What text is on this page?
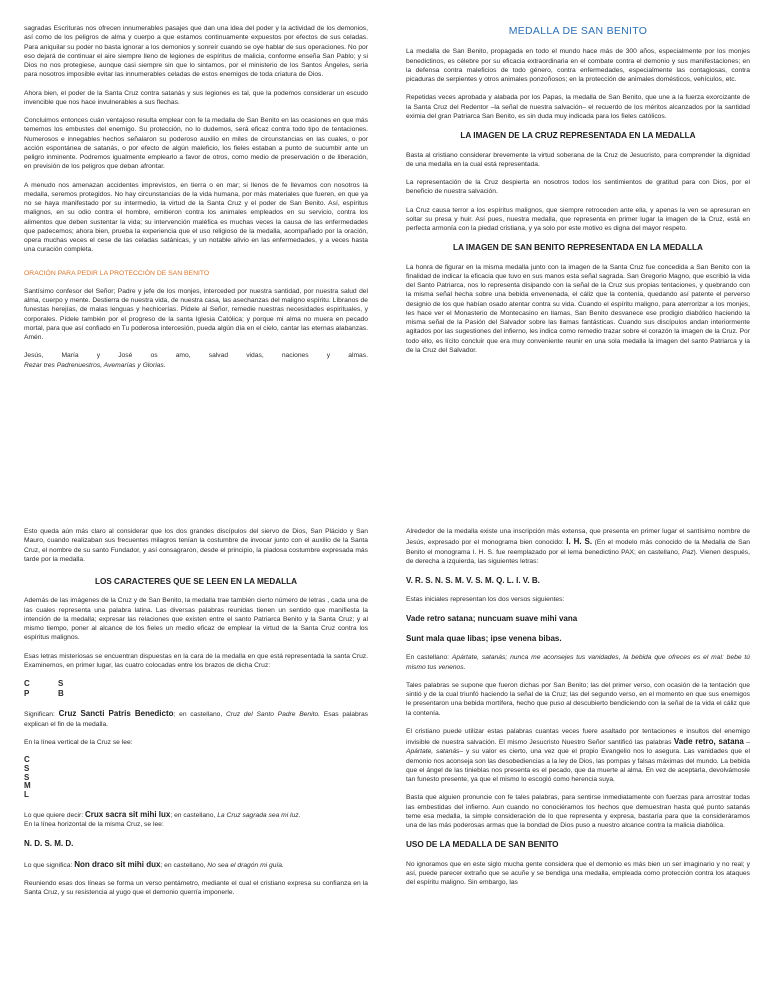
sagradas Escrituras nos ofrecen innumerables pasajes que dan una idea del poder y la actividad de los demonios, así como de los peligros de alma y cuerpo a que estamos continuamente expuestos por efectos de sus celadas. Para aniquilar su poder no basta ignorar a los demonios y sonreír cuando se oye hablar de sus operaciones. No por eso dejará de continuar el aire siempre lleno de legiones de espíritus de malicia, conforme enseña San Pablo; y si Dios no nos protegiese, aunque casi siempre sin que lo sintamos, por el ministerio de los Santos Ángeles, sería para nosotros imposible evitar las innumerables celadas de estos enemigos de toda criatura de Dios.

Ahora bien, el poder de la Santa Cruz contra satanás y sus legiones es tal, que la podemos considerar un escudo invencible que nos hace invulnerables a sus flechas.

Concluimos entonces cuán ventajoso resulta emplear con fe la medalla de San Benito en las ocasiones en que más tememos los embustes del enemigo. Su protección, no lo dudemos, será eficaz contra todo tipo de tentaciones. Numerosos e innegables hechos señalaron su poderoso auxilio en miles de circunstancias en las cuales, o por acción espontánea de satanás, o por efecto de algún maleficio, los fieles estaban a punto de sucumbir ante un peligro inminente. Podremos igualmente emplearlo a favor de otros, como medio de preservación o de liberación, en previsión de los peligros que deban afrontar.

A menudo nos amenazan accidentes imprevistos, en tierra o en mar; si llenos de fe llevamos con nosotros la medalla, seremos protegidos. No hay circunstancias de la vida humana, por más materiales que fueren, en que ya no se haya manifestado por su intermedio, la virtud de la Santa Cruz y el poder de San Benito. Así, espíritus malignos, en su odio contra el hombre, emitieron contra los animales empleados en su servicio, contra los alimentos que deben sustentar la vida; su intervención maléfica es muchas veces la causa de las enfermedades que padecemos; ahora bien, prueba la experiencia que el uso religioso de la medalla, acompañado por la oración, opera muchas veces el cese de las celadas satánicas, y un notable alivio en las enfermedades, y a veces hasta una curación completa.

ORACIÓN PARA PEDIR LA PROTECCIÓN DE SAN BENITO

Santísimo confesor del Señor; Padre y jefe de los monjes, interceded por nuestra santidad, por nuestra salud del alma, cuerpo y mente. Destierra de nuestra vida, de nuestra casa, las asechanzas del maligno espíritu. Líbranos de funestas herejías, de malas lenguas y hechicerías. Pídele al Señor, remedie nuestras necesidades espirituales, y corporales. Pídele también por el progreso de la santa Iglesia Católica; y porque mi alma no muera en pecado mortal, para que así confiado en Tu poderosa intercesión, pueda algún día en el cielo, cantar las eternas alabanzas. Amén.

Jesús,	María	y	José	os	amo,	salvad	vidas,	naciones	y	almas.

Rezar tres Padrenuestros, Avemarías y Glorias.

MEDALLA DE SAN BENITO

La medalla de San Benito, propagada en todo el mundo hace más de 300 años, especialmente por los monjes benedictinos, es célebre por su eficacia extraordinaria en el combate contra el demonio y sus manifestaciones; en la defensa contra maleficios de todo género, contra enfermedades, especialmente las contagiosas, contra picaduras de serpientes y otros animales ponzoñosos; en la protección de animales domésticos, vehículos, etc.

Repetidas veces aprobada y alabada por los Papas, la medalla de San Benito, que une a la fuerza exorcizante de la Santa Cruz del Redentor –la señal de nuestra salvación– el recuerdo de los méritos alcanzados por la santidad eximia del gran Patriarca San Benito, es sin duda muy indicada para los fieles católicos.

LA IMAGEN DE LA CRUZ REPRESENTADA EN LA MEDALLA

Basta al cristiano considerar brevemente la virtud soberana de la Cruz de Jesucristo, para comprender la dignidad de una medalla en la cual está representada.

La representación de la Cruz despierta en nosotros todos los sentimientos de gratitud para con Dios, por el beneficio de nuestra salvación.

La Cruz causa terror a los espíritus malignos, que siempre retroceden ante ella, y apenas la ven se apresuran en soltar su presa y huir. Así pues, nuestra medalla, que representa en primer lugar la imagen de la Cruz, está en perfecta armonía con la piedad cristiana, y ya solo por este motivo es digna del mayor respeto.

LA IMAGEN DE SAN BENITO REPRESENTADA EN LA MEDALLA

La honra de figurar en la misma medalla junto con la imagen de la Santa Cruz fue concedida a San Benito con la finalidad de indicar la eficacia que tuvo en sus manos esta señal sagrada. San Gregorio Magno, que escribió la vida del Santo Patriarca, nos lo representa disipando con la señal de la Cruz sus propias tentaciones, y quebrando con la misma señal hecha sobre una bebida envenenada, el cáliz que la contenía, quedando así patente el perverso designio de los que habían osado atentar contra su vida. Cuando el espíritu maligno, para aterrorizar a los monjes, les hace ver el Monasterio de Montecasino en llamas, San Benito desvanece ese prodigio diabólico haciendo la misma señal de la Pasión del Salvador sobre las llamas fantásticas. Cuando sus discípulos andan interiormente agitados por las sugestiones del infierno, les indica como remedio trazar sobre el corazón la imagen de la Cruz. Por todo ello, es lícito concluir que era muy conveniente reunir en una sola medalla la imagen del santo Patriarca y la de la Cruz del Salvador.

Esto queda aún más claro al considerar que los dos grandes discípulos del siervo de Dios, San Plácido y San Mauro, cuando realizaban sus frecuentes milagros tenían la costumbre de invocar junto con el auxilio de la Santa Cruz, el nombre de su santo Fundador, y así consagraron, desde el principio, la piadosa costumbre expresada más tarde por la medalla.

LOS CARACTERES QUE SE LEEN EN LA MEDALLA

Además de las imágenes de la Cruz y de San Benito, la medalla trae también cierto número de letras , cada una de las cuales representa una palabra latina. Las diversas palabras reunidas tienen un sentido que manifiesta la intención de la medalla; expresar las relaciones que existen entre el santo Patriarca Benito y la Santa Cruz; y al mismo tiempo, poner al alcance de los fieles un medio eficaz de emplear la virtud de la Santa Cruz contra los espíritus malignos.

Esas letras misteriosas se encuentran dispuestas en la cara de la medalla en que está representada la santa Cruz. Examinemos, en primer lugar, las cuatro colocadas entre los brazos de dicha Cruz:

C	S
P	B

Significan: Cruz Sancti Patris Benedicto; en castellano, Cruz del Santo Padre Benito. Esas palabras explican el fin de la medalla.

En la línea vertical de la Cruz se lee:

C
S
S
M
L

Lo que quiere decir: Crux sacra sit mihi lux; en castellano, La Cruz sagrada sea mi luz.

En la línea horizontal de la misma Cruz, se lee:

N. D. S. M. D.

Lo que significa: Non draco sit mihi dux; en castellano, No sea el dragón mi guía.

Reuniendo esas dos líneas se forma un verso pentámetro, mediante el cual el cristiano expresa su confianza en la Santa Cruz, y su resistencia al yugo que el demonio querría imponerle.

Alrededor de la medalla existe una inscripción más extensa, que presenta en primer lugar el santísimo nombre de Jesús, expresado por el monograma bien conocido: I. H. S. (En el modelo más conocido de la Medalla de San Benito el monograma I. H. S. fue reemplazado por el lema benedictino PAX; en castellano, Paz). Vienen después, de derecha a izquierda, las siguientes letras:

V. R. S. N. S. M. V. S. M. Q. L. I. V. B.

Estas iniciales representan los dos versos siguientes:

Vade retro satana; nuncuam suave mihi vana

Sunt mala quae libas; ipse venena bibas.

En castellano: Apártate, satanás; nunca me aconsejes tus vanidades, la bebida que ofreces es el mal: bebe tú mismo tus venenos.

Tales palabras se supone que fueron dichas por San Benito; las del primer verso, con ocasión de la tentación que sintió y de la cual triunfó haciendo la señal de la Cruz; las del segundo verso, en el momento en que sus enemigos le presentaron una bebida mortífera, hecho que puso al descubierto bendiciendo con la señal de la vida el cáliz que la contenía.

El cristiano puede utilizar estas palabras cuantas veces fuere asaltado por tentaciones e insultos del enemigo invisible de nuestra salvación. El mismo Jesucristo Nuestro Señor santificó las palabras Vade retro, satana –Apártate, satanás– y su valor es cierto, una vez que el propio Evangelio nos lo asegura. Las vanidades que el demonio nos aconseja son las desobediencias a la ley de Dios, las pompas y falsas máximas del mundo. La bebida que el ángel de las tinieblas nos presenta es el pecado, que da muerte al alma. En vez de aceptarla, devolvámosle tan funesto presente, ya que el mismo lo escogió como herencia suya.

Basta que alguien pronuncie con fe tales palabras, para sentirse inmediatamente con fuerzas para arrostrar todas las embestidas del infierno. Aun cuando no conociéramos los hechos que demuestran hasta qué punto satanás teme esa medalla, la simple consideración de lo que representa y expresa, bastaría para que la consideráramos una de las más poderosas armas que la bondad de Dios puso a nuestro alcance contra la malicia diabólica.

USO DE LA MEDALLA DE SAN BENITO

No ignoramos que en este siglo mucha gente considera que el demonio es más bien un ser imaginario y no real; y así, puede parecer extraño que se acuñe y se bendiga una medalla, empleada como protección contra los ataques del espíritu maligno. Sin embargo, las
